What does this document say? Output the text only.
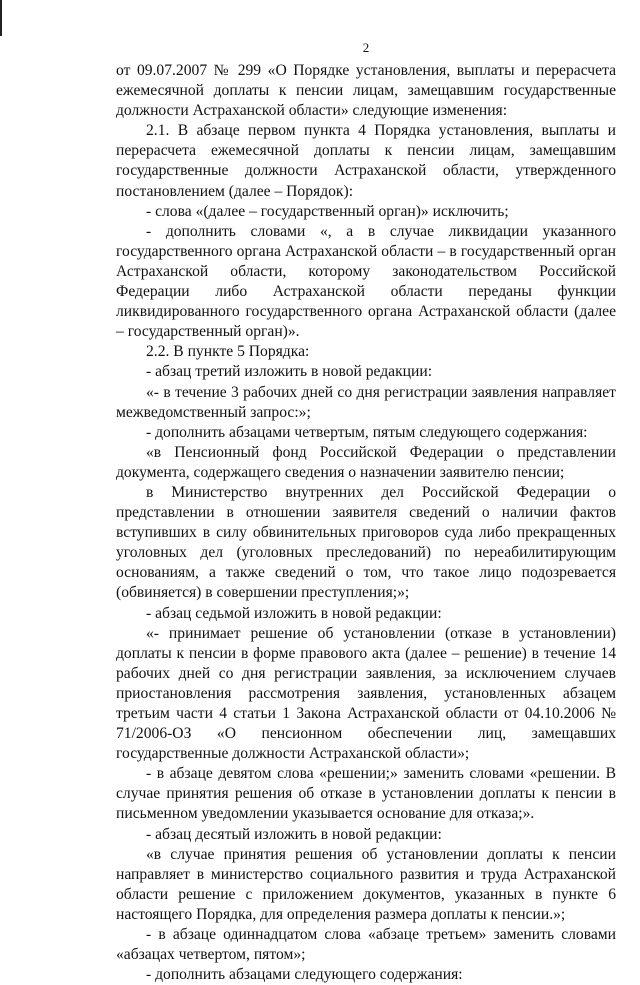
2

от 09.07.2007 № 299 «О Порядке установления, выплаты и перерасчета ежемесячной доплаты к пенсии лицам, замещавшим государственные должности Астраханской области» следующие изменения:

2.1. В абзаце первом пункта 4 Порядка установления, выплаты и перерасчета ежемесячной доплаты к пенсии лицам, замещавшим государственные должности Астраханской области, утвержденного постановлением (далее – Порядок):

- слова «(далее – государственный орган)» исключить;

- дополнить словами «, а в случае ликвидации указанного государственного органа Астраханской области – в государственный орган Астраханской области, которому законодательством Российской Федерации либо Астраханской области переданы функции ликвидированного государственного органа Астраханской области (далее – государственный орган)».

2.2. В пункте 5 Порядка:

- абзац третий изложить в новой редакции:

«- в течение 3 рабочих дней со дня регистрации заявления направляет межведомственный запрос:»;

- дополнить абзацами четвертым, пятым следующего содержания:

«в Пенсионный фонд Российской Федерации о представлении документа, содержащего сведения о назначении заявителю пенсии;

в Министерство внутренних дел Российской Федерации о представлении в отношении заявителя сведений о наличии фактов вступивших в силу обвинительных приговоров суда либо прекращенных уголовных дел (уголовных преследований) по нереабилитирующим основаниям, а также сведений о том, что такое лицо подозревается (обвиняется) в совершении преступления;»;

- абзац седьмой изложить в новой редакции:

«- принимает решение об установлении (отказе в установлении) доплаты к пенсии в форме правового акта (далее – решение) в течение 14 рабочих дней со дня регистрации заявления, за исключением случаев приостановления рассмотрения заявления, установленных абзацем третьим части 4 статьи 1 Закона Астраханской области от 04.10.2006 № 71/2006-ОЗ «О пенсионном обеспечении лиц, замещавших государственные должности Астраханской области»;

- в абзаце девятом слова «решении;» заменить словами «решении. В случае принятия решения об отказе в установлении доплаты к пенсии в письменном уведомлении указывается основание для отказа;».

- абзац десятый изложить в новой редакции:

«в случае принятия решения об установлении доплаты к пенсии направляет в министерство социального развития и труда Астраханской области решение с приложением документов, указанных в пункте 6 настоящего Порядка, для определения размера доплаты к пенсии.»;

- в абзаце одиннадцатом слова «абзаце третьем» заменить словами «абзацах четвертом, пятом»;

- дополнить абзацами следующего содержания:
